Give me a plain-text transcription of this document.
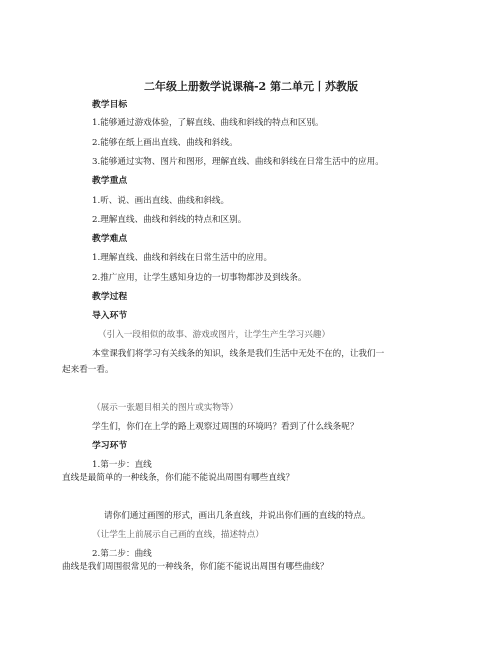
二年级上册数学说课稿-2 第二单元丨苏教版
教学目标
1.能够通过游戏体验，了解直线、曲线和斜线的特点和区别。
2.能够在纸上画出直线、曲线和斜线。
3.能够通过实物、图片和图形，理解直线、曲线和斜线在日常生活中的应用。
教学重点
1.听、说、画出直线、曲线和斜线。
2.理解直线、曲线和斜线的特点和区别。
教学难点
1.理解直线、曲线和斜线在日常生活中的应用。
2.推广应用，让学生感知身边的一切事物都涉及到线条。
教学过程
导入环节
（引入一段相似的故事、游戏或图片，让学生产生学习兴趣）
本堂课我们将学习有关线条的知识，线条是我们生活中无处不在的，让我们一
起来看一看。
（展示一张题目相关的图片或实物等）
学生们，你们在上学的路上观察过周围的环境吗？看到了什么线条呢？
学习环节
1.第一步：直线
直线是最简单的一种线条，你们能不能说出周围有哪些直线？
请你们通过画图的形式，画出几条直线，并说出你们画的直线的特点。
（让学生上前展示自己画的直线，描述特点）
2.第二步：曲线
曲线是我们周围很常见的一种线条，你们能不能说出周围有哪些曲线？
